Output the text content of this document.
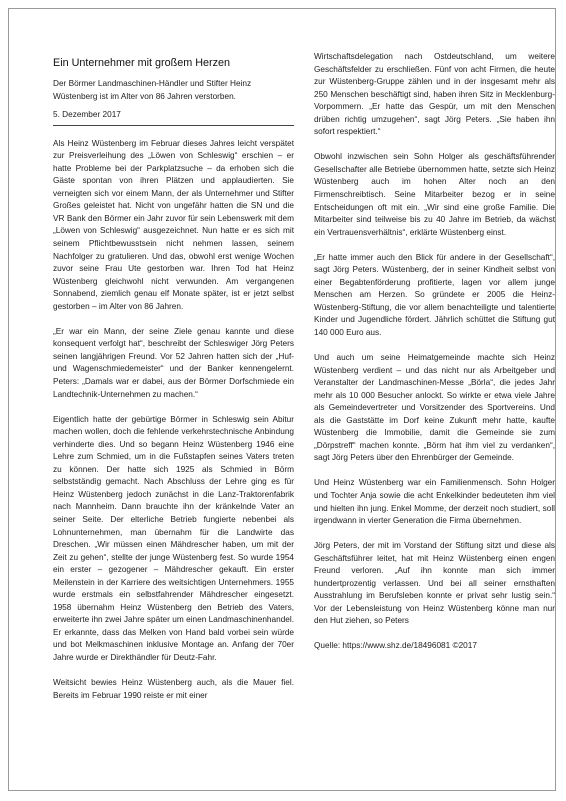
Ein Unternehmer mit großem Herzen
Der Börmer Landmaschinen-Händler und Stifter Heinz Wüstenberg ist im Alter von 86 Jahren verstorben.
5. Dezember 2017

Als Heinz Wüstenberg im Februar dieses Jahres leicht verspätet zur Preisverleihung des „Löwen von Schleswig“ erschien – er hatte Probleme bei der Parkplatzsuche – da erhoben sich die Gäste spontan von ihren Plätzen und applaudierten. Sie verneigten sich vor einem Mann, der als Unternehmer und Stifter Großes geleistet hat. Nicht von ungefähr hatten die SN und die VR Bank den Börmer ein Jahr zuvor für sein Lebenswerk mit dem „Löwen von Schleswig“ ausgezeichnet. Nun hatte er es sich mit seinem Pflichtbewusstsein nicht nehmen lassen, seinem Nachfolger zu gratulieren. Und das, obwohl erst wenige Wochen zuvor seine Frau Ute gestorben war. Ihren Tod hat Heinz Wüstenberg gleichwohl nicht verwunden. Am vergangenen Sonnabend, ziemlich genau elf Monate später, ist er jetzt selbst gestorben – im Alter von 86 Jahren.

„Er war ein Mann, der seine Ziele genau kannte und diese konsequent verfolgt hat“, beschreibt der Schleswiger Jörg Peters seinen langjährigen Freund. Vor 52 Jahren hatten sich der „Huf- und Wagenschmiedemeister“ und der Banker kennengelernt. Peters: „Damals war er dabei, aus der Börmer Dorfschmiede ein Landtechnik-Unternehmen zu machen.“

Eigentlich hatte der gebürtige Börmer in Schleswig sein Abitur machen wollen, doch die fehlende verkehrstechnische Anbindung verhinderte dies. Und so begann Heinz Wüstenberg 1946 eine Lehre zum Schmied, um in die Fußstapfen seines Vaters treten zu können. Der hatte sich 1925 als Schmied in Börm selbstständig gemacht. Nach Abschluss der Lehre ging es für Heinz Wüstenberg jedoch zunächst in die Lanz-Traktorenfabrik nach Mannheim. Dann brauchte ihn der kränkelnde Vater an seiner Seite. Der elterliche Betrieb fungierte nebenbei als Lohnunternehmen, man übernahm für die Landwirte das Dreschen. „Wir müssen einen Mähdrescher haben, um mit der Zeit zu gehen“, stellte der junge Wüstenberg fest. So wurde 1954 ein erster – gezogener – Mähdrescher gekauft. Ein erster Meilenstein in der Karriere des weitsichtigen Unternehmers. 1955 wurde erstmals ein selbstfahrender Mähdrescher eingesetzt. 1958 übernahm Heinz Wüstenberg den Betrieb des Vaters, erweiterte ihn zwei Jahre später um einen Landmaschinenhandel. Er erkannte, dass das Melken von Hand bald vorbei sein würde und bot Melkmaschinen inklusive Montage an. Anfang der 70er Jahre wurde er Direkthändler für Deutz-Fahr.

Weitsicht bewies Heinz Wüstenberg auch, als die Mauer fiel. Bereits im Februar 1990 reiste er mit einer

Wirtschaftsdelegation nach Ostdeutschland, um weitere Geschäftsfelder zu erschließen. Fünf von acht Firmen, die heute zur Wüstenberg-Gruppe zählen und in der insgesamt mehr als 250 Menschen beschäftigt sind, haben ihren Sitz in Mecklenburg-Vorpommern. „Er hatte das Gespür, um mit den Menschen drüben richtig umzugehen“, sagt Jörg Peters. „Sie haben ihn sofort respektiert.“

Obwohl inzwischen sein Sohn Holger als geschäftsführender Gesellschafter alle Betriebe übernommen hatte, setzte sich Heinz Wüstenberg auch im hohen Alter noch an den Firmenschreibtisch. Seine Mitarbeiter bezog er in seine Entscheidungen oft mit ein. „Wir sind eine große Familie. Die Mitarbeiter sind teilweise bis zu 40 Jahre im Betrieb, da wächst ein Vertrauensverhältnis“, erklärte Wüstenberg einst.

„Er hatte immer auch den Blick für andere in der Gesellschaft“, sagt Jörg Peters. Wüstenberg, der in seiner Kindheit selbst von einer Begabtenförderung profitierte, lagen vor allem junge Menschen am Herzen. So gründete er 2005 die Heinz-Wüstenberg-Stiftung, die vor allem benachteiligte und talentierte Kinder und Jugendliche fördert. Jährlich schüttet die Stiftung gut 140 000 Euro aus.

Und auch um seine Heimatgemeinde machte sich Heinz Wüstenberg verdient – und das nicht nur als Arbeitgeber und Veranstalter der Landmaschinen-Messe „Börla“, die jedes Jahr mehr als 10 000 Besucher anlockt. So wirkte er etwa viele Jahre als Gemeindevertreter und Vorsitzender des Sportvereins. Und als die Gaststätte im Dorf keine Zukunft mehr hatte, kaufte Wüstenberg die Immobilie, damit die Gemeinde sie zum „Dörpstreff“ machen konnte. „Börm hat ihm viel zu verdanken“, sagt Jörg Peters über den Ehrenbürger der Gemeinde.

Und Heinz Wüstenberg war ein Familienmensch. Sohn Holger und Tochter Anja sowie die acht Enkelkinder bedeuteten ihm viel und hielten ihn jung. Enkel Momme, der derzeit noch studiert, soll irgendwann in vierter Generation die Firma übernehmen.

Jörg Peters, der mit im Vorstand der Stiftung sitzt und diese als Geschäftsführer leitet, hat mit Heinz Wüstenberg einen engen Freund verloren. „Auf ihn konnte man sich immer hundertprozentig verlassen. Und bei all seiner ernsthaften Ausstrahlung im Berufsleben konnte er privat sehr lustig sein.“ Vor der Lebensleistung von Heinz Wüstenberg könne man nur den Hut ziehen, so Peters

Quelle: https://www.shz.de/18496081 ©2017
